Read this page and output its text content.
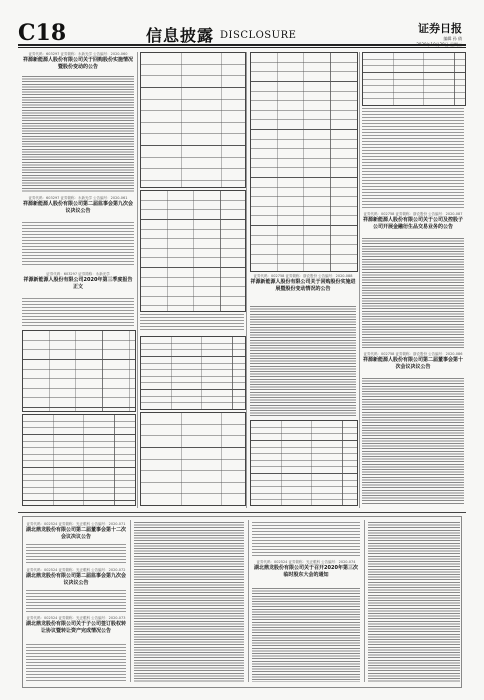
C18	信息披露 DISCLOSURE
证券日报
编辑 孙 倩
2020年10月28日 星期三
证券代码：603297 证券简称：永新光学 公告编号：2020-060
祥源新能源人股份有限公司关于回购股份实施情况暨股份变动的公告
证券代码：603297 证券简称：永新光学 公告编号：2020-061
祥源新能源人股份有限公司第二届监事会第九次会议决议公告
证券代码：603297 证券简称：永新光学
祥源新能源人股份有限公司2020年第三季度报告正文
证券代码：002758 证券简称：浙农股份 公告编号：2020-088
祥源新能源人股份有限公司关于回购股份实施进展暨股份变动情况的公告
证券代码：002758 证券简称：浙农股份 公告编号：2020-087
祥源新能源人股份有限公司关于公司及控股子公司开展金融衍生品交易业务的公告
证券代码：002758 证券简称：浙农股份 公告编号：2020-086
祥源新能源人股份有限公司第二届董事会第十次会议决议公告
证券代码：002524 证券简称：光正眼科 公告编号：2020-071
湖北鼎龙股份有限公司第二届董事会第十二次会议决议公告
证券代码：002524 证券简称：光正眼科 公告编号：2020-072
湖北鼎龙股份有限公司第二届监事会第九次会议决议公告
证券代码：002524 证券简称：光正眼科 公告编号：2020-073
湖北鼎龙股份有限公司关于子公司签订股权转让协议暨转让资产完成情况公告
证券代码：002524 证券简称：光正眼科 公告编号：2020-074
湖北鼎龙股份有限公司关于召开2020年第三次临时股东大会的通知
